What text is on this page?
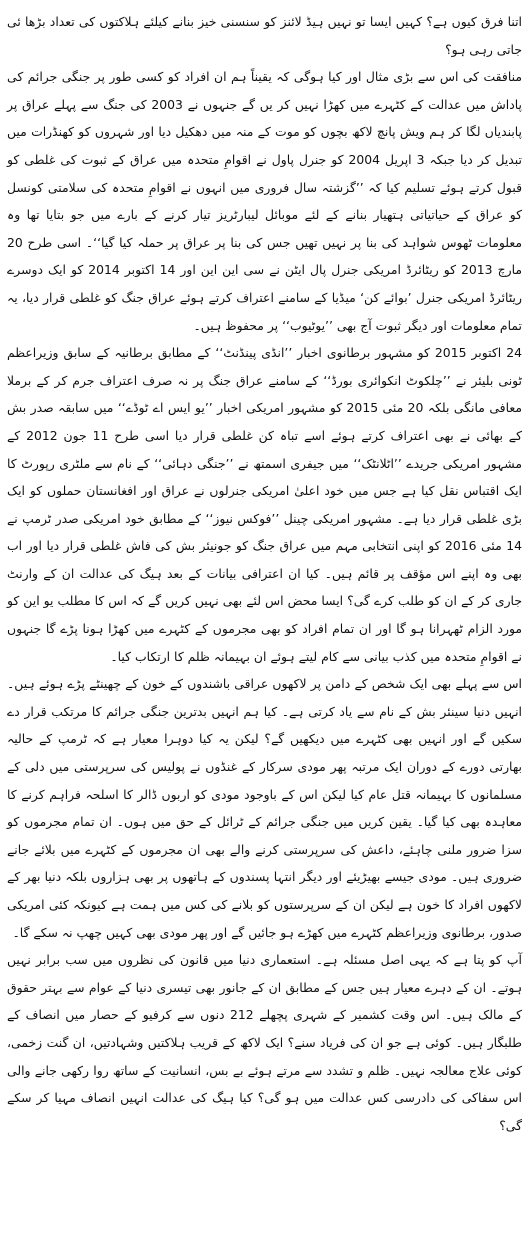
اتنا فرق کیوں ہے؟ کہیں ایسا تو نہیں ہیڈ لائنز کو سنسنی خیز بنانے کیلئے ہلاکتوں کی تعداد بڑھا ئی جاتی رہی ہو؟

منافقت کی اس سے بڑی مثال اور کیا ہوگی کہ یقیناً ہم ان افراد کو کسی طور پر جنگی جرائم کی پاداش میں عدالت کے کٹہرے میں کھڑا نہیں کر یں گے جنہوں نے 2003 کی جنگ سے پہلے عراق پر پابندیاں لگا کر ہم ویش پانچ لاکھ بچوں کو موت کے منہ میں دھکیل دیا اور شہروں کو کھنڈرات میں تبدیل کر دیا جبکہ 3 اپریل 2004 کو جنرل پاول نے اقوامِ متحدہ میں عراق کے ثبوت کی غلطی کو قبول کرتے ہوئے تسلیم کیا کہ ’’گزشتہ سال فروری میں انہوں نے اقوامِ متحدہ کی سلامتی کونسل کو عراق کے حیاتیاتی ہتھیار بنانے کے لئے موبائل لیبارٹریز تیار کرنے کے بارے میں جو بتایا تھا وہ معلومات ٹھوس شواہد کی بنا پر نہیں تھیں جس کی بنا پر عراق پر حملہ کیا گیا‘‘۔ اسی طرح 20 مارچ 2013 کو ریٹائرڈ امریکی جنرل پال ایٹن نے سی این این اور 14 اکتوبر 2014 کو ایک دوسرے ریٹائرڈ امریکی جنرل ’بوائے کن‘ میڈیا کے سامنے اعتراف کرتے ہوئے عراق جنگ کو غلطی قرار دیا، یہ تمام معلومات اور دیگر ثبوت آج بھی ’’یوٹیوب‘‘ پر محفوظ ہیں۔

24 اکتوبر 2015 کو مشہور برطانوی اخبار ’’انڈی پینڈنٹ‘‘ کے مطابق برطانیہ کے سابق وزیراعظم ٹونی بلیئر نے ’’چلکوٹ انکوائری بورڈ‘‘ کے سامنے عراق جنگ پر نہ صرف اعتراف جرم کر کے برملا معافی مانگی بلکہ 20 مئی 2015 کو مشہور امریکی اخبار ’’یو ایس اے ٹوڈے‘‘ میں سابقہ صدر بش کے بھائی نے بھی اعتراف کرتے ہوئے اسے تباہ کن غلطی قرار دیا اسی طرح 11 جون 2012 کے مشہور امریکی جریدے ’’اٹلانٹک‘‘ میں جیفری اسمتھ نے ’’جنگی دہائی‘‘ کے نام سے ملٹری رپورٹ کا ایک اقتباس نقل کیا ہے جس میں خود اعلیٰ امریکی جنرلوں نے عراق اور افغانستان حملوں کو ایک بڑی غلطی قرار دیا ہے۔ مشہور امریکی چینل ’’فوکس نیوز‘‘ کے مطابق خود امریکی صدر ٹرمپ نے 14 مئی 2016 کو اپنی انتخابی مہم میں عراق جنگ کو جونیئر بش کی فاش غلطی قرار دیا اور اب بھی وہ اپنے اس مؤقف پر قائم ہیں۔ کیا ان اعترافی بیانات کے بعد ہیگ کی عدالت ان کے وارنٹ جاری کر کے ان کو طلب کرے گی؟ ایسا محض اس لئے بھی نہیں کریں گے کہ اس کا مطلب یو این کو مورد الزام ٹھہرانا ہو گا اور ان تمام افراد کو بھی مجرموں کے کٹہرے میں کھڑا ہونا پڑے گا جنہوں نے اقوامِ متحدہ میں کذب بیانی سے کام لیتے ہوئے ان بہیمانہ ظلم کا ارتکاب کیا۔

اس سے پہلے بھی ایک شخص کے دامن پر لاکھوں عراقی باشندوں کے خون کے چھینٹے پڑے ہوئے ہیں۔ انہیں دنیا سینئر بش کے نام سے یاد کرتی ہے۔ کیا ہم انہیں بدترین جنگی جرائم کا مرتکب قرار دے سکیں گے اور انہیں بھی کٹہرے میں دیکھیں گے؟ لیکن یہ کیا دوہرا معیار ہے کہ ٹرمپ کے حالیہ بھارتی دورے کے دوران ایک مرتبہ پھر مودی سرکار کے غنڈوں نے پولیس کی سرپرستی میں دلی کے مسلمانوں کا بہیمانہ قتل عام کیا لیکن اس کے باوجود مودی کو اربوں ڈالر کا اسلحہ فراہم کرنے کا معاہدہ بھی کیا گیا۔ یقین کریں میں جنگی جرائم کے ٹرائل کے حق میں ہوں۔ ان تمام مجرموں کو سزا ضرور ملنی چاہئے، داعش کی سرپرستی کرنے والے بھی ان مجرموں کے کٹہرے میں بلائے جانے ضروری ہیں۔ مودی جیسے بھیڑیئے اور دیگر انتہا پسندوں کے ہاتھوں پر بھی ہزاروں بلکہ دنیا بھر کے لاکھوں افراد کا خون ہے لیکن ان کے سرپرستوں کو بلانے کی کس میں ہمت ہے کیونکہ کئی امریکی صدور، برطانوی وزیراعظم کٹہرے میں کھڑے ہو جائیں گے اور پھر مودی بھی کہیں چھپ نہ سکے گا۔

آپ کو پتا ہے کہ یہی اصل مسئلہ ہے۔ استعماری دنیا میں قانون کی نظروں میں سب برابر نہیں ہوتے۔ ان کے دہرے معیار ہیں جس کے مطابق ان کے جانور بھی تیسری دنیا کے عوام سے بہتر حقوق کے مالک ہیں۔ اس وقت کشمیر کے شہری پچھلے 212 دنوں سے کرفیو کے حصار میں انصاف کے طلبگار ہیں۔ کوئی ہے جو ان کی فریاد سنے؟ ایک لاکھ کے قریب ہلاکتیں وشہادتیں، ان گنت زخمی، کوئی علاج معالجہ نہیں۔ ظلم و تشدد سے مرتے ہوئے بے بس، انسانیت کے ساتھ روا رکھی جانے والی اس سفاکی کی دادرسی کس عدالت میں ہو گی؟ کیا ہیگ کی عدالت انہیں انصاف مہیا کر سکے گی؟
